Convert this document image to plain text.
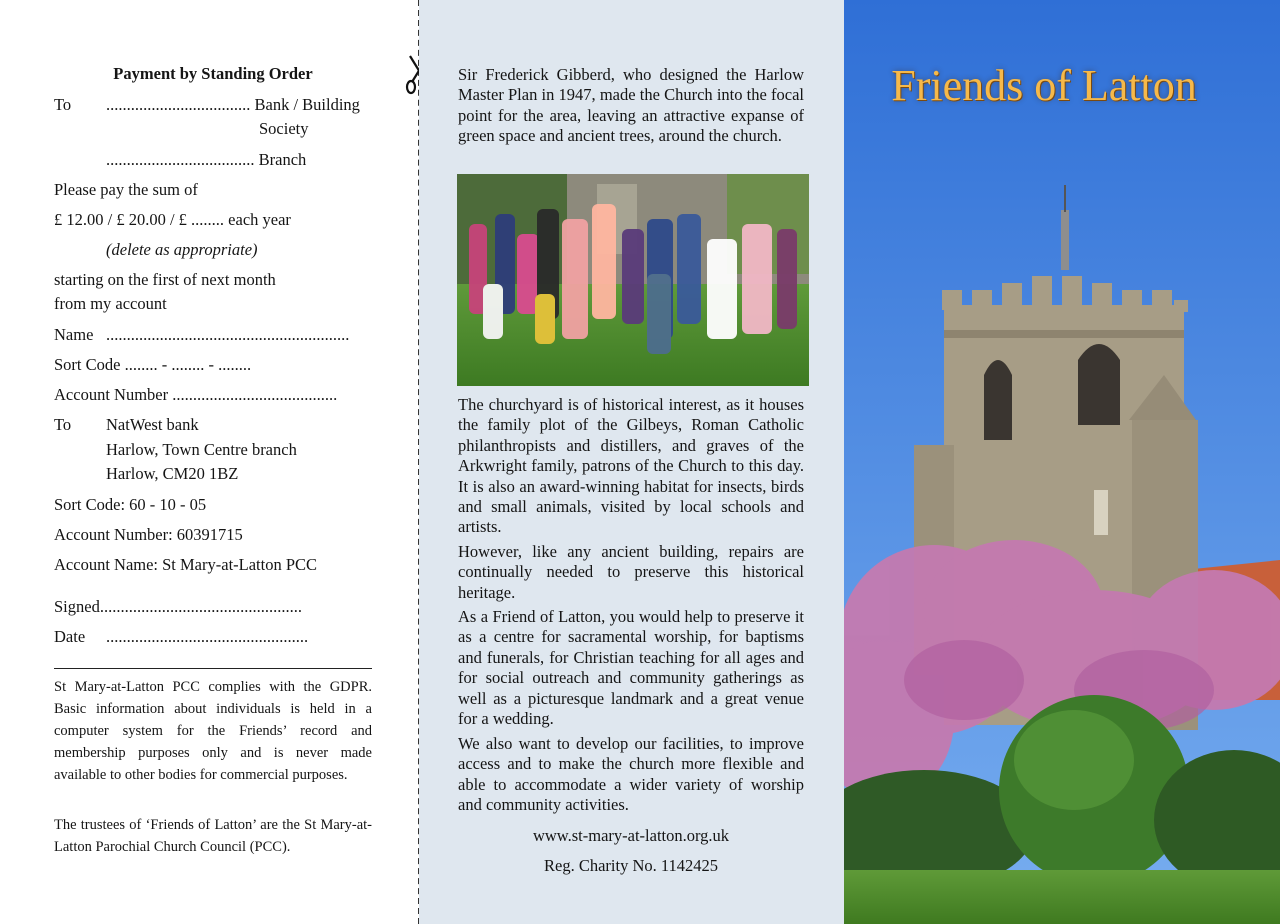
Payment by Standing Order
To ................................... Bank / Building
Society
.................................... Branch
Please pay the sum of
£ 12.00 / £ 20.00 / £ ........ each year
(delete as appropriate)
starting on the first of next month
from my account
Name ...........................................................
Sort Code ........ - ........ - ........
Account Number ........................................
To NatWest bank
Harlow, Town Centre branch
Harlow, CM20 1BZ
Sort Code: 60 - 10 - 05
Account Number: 60391715
Account Name: St Mary-at-Latton PCC
Signed.................................................
Date .................................................

St Mary-at-Latton PCC complies with the GDPR. Basic information about individuals is held in a computer system for the Friends’ record and membership purposes only and is never made available to other bodies for commercial purposes.

The trustees of ‘Friends of Latton’ are the St Mary-at-Latton Parochial Church Council (PCC).

Sir Frederick Gibberd, who designed the Harlow Master Plan in 1947, made the Church into the focal point for the area, leaving an attractive expanse of green space and ancient trees, around the church.

The churchyard is of historical interest, as it houses the family plot of the Gilbeys, Roman Catholic philanthropists and distillers, and graves of the Arkwright family, patrons of the Church to this day. It is also an award-winning habitat for insects, birds and small animals, visited by local schools and artists.

However, like any ancient building, repairs are continually needed to preserve this historical heritage.

As a Friend of Latton, you would help to preserve it as a centre for sacramental worship, for baptisms and funerals, for Christian teaching for all ages and for social outreach and community gatherings as well as a picturesque landmark and a great venue for a wedding.

We also want to develop our facilities, to improve access and to make the church more flexible and able to accommodate a wider variety of worship and community activities.

www.st-mary-at-latton.org.uk
Reg. Charity No. 1142425
Friends of Latton
